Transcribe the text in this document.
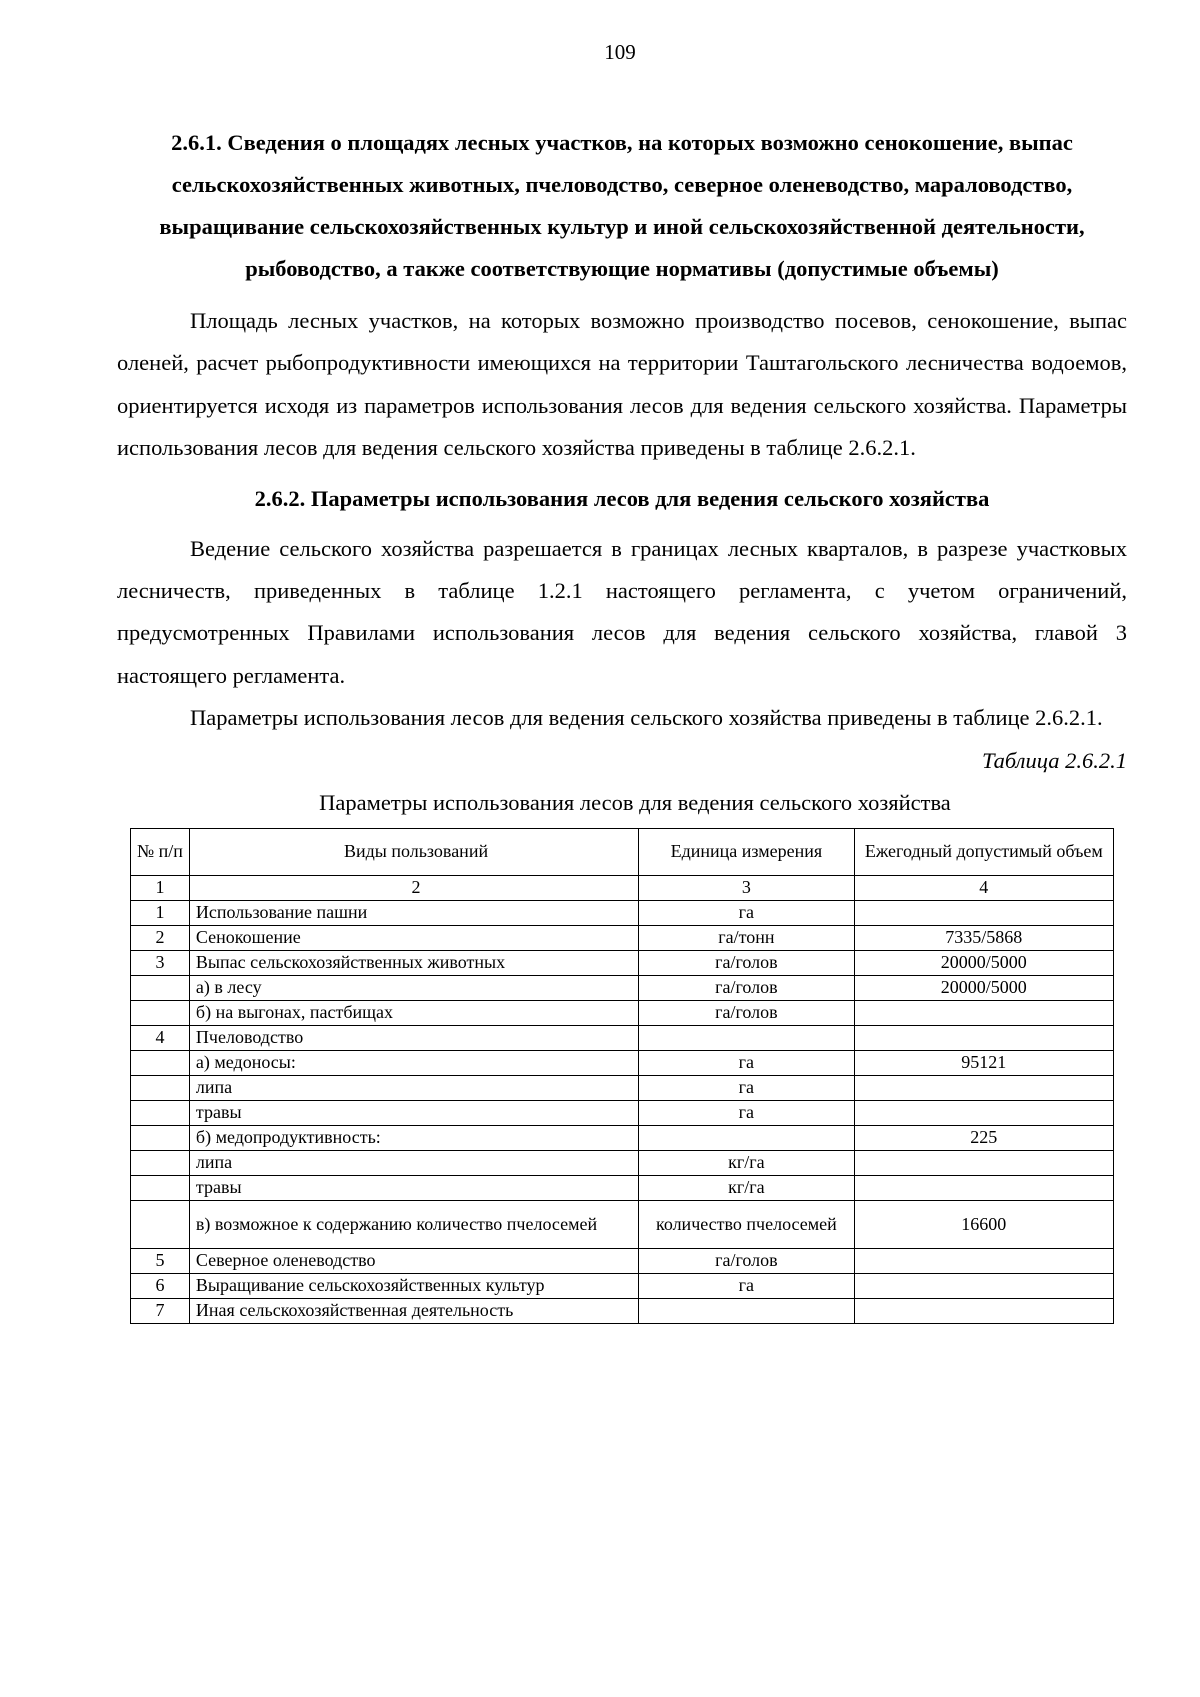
109

2.6.1. Сведения о площадях лесных участков, на которых возможно сенокошение, выпас сельскохозяйственных животных, пчеловодство, северное оленеводство, мараловодство, выращивание сельскохозяйственных культур и иной сельскохозяйственной деятельности, рыбоводство, а также соответствующие нормативы (допустимые объемы)

Площадь лесных участков, на которых возможно производство посевов, сенокошение, выпас оленей, расчет рыбопродуктивности имеющихся на территории Таштагольского лесничества водоемов, ориентируется исходя из параметров использования лесов для ведения сельского хозяйства. Параметры использования лесов для ведения сельского хозяйства приведены в таблице 2.6.2.1.

2.6.2. Параметры использования лесов для ведения сельского хозяйства

Ведение сельского хозяйства разрешается в границах лесных кварталов, в разрезе участковых лесничеств, приведенных в таблице 1.2.1 настоящего регламента, с учетом ограничений, предусмотренных Правилами использования лесов для ведения сельского хозяйства, главой 3 настоящего регламента.

Параметры использования лесов для ведения сельского хозяйства приведены в таблице 2.6.2.1.

Таблица 2.6.2.1

Параметры использования лесов для ведения сельского хозяйства

№ п/п	Виды пользований	Единица измерения	Ежегодный допустимый объем
1	2	3	4
1	Использование пашни	га	
2	Сенокошение	га/тонн	7335/5868
3	Выпас сельскохозяйственных животных	га/голов	20000/5000
	а) в лесу	га/голов	20000/5000
	б) на выгонах, пастбищах	га/голов	
4	Пчеловодство		
	а) медоносы:	га	95121
	липа	га	
	травы	га	
	б) медопродуктивность:		225
	липа	кг/га	
	травы	кг/га	
	в) возможное к содержанию количество пчелосемей	количество пчелосемей	16600
5	Северное оленеводство	га/голов	
6	Выращивание сельскохозяйственных культур	га	
7	Иная сельскохозяйственная деятельность		
